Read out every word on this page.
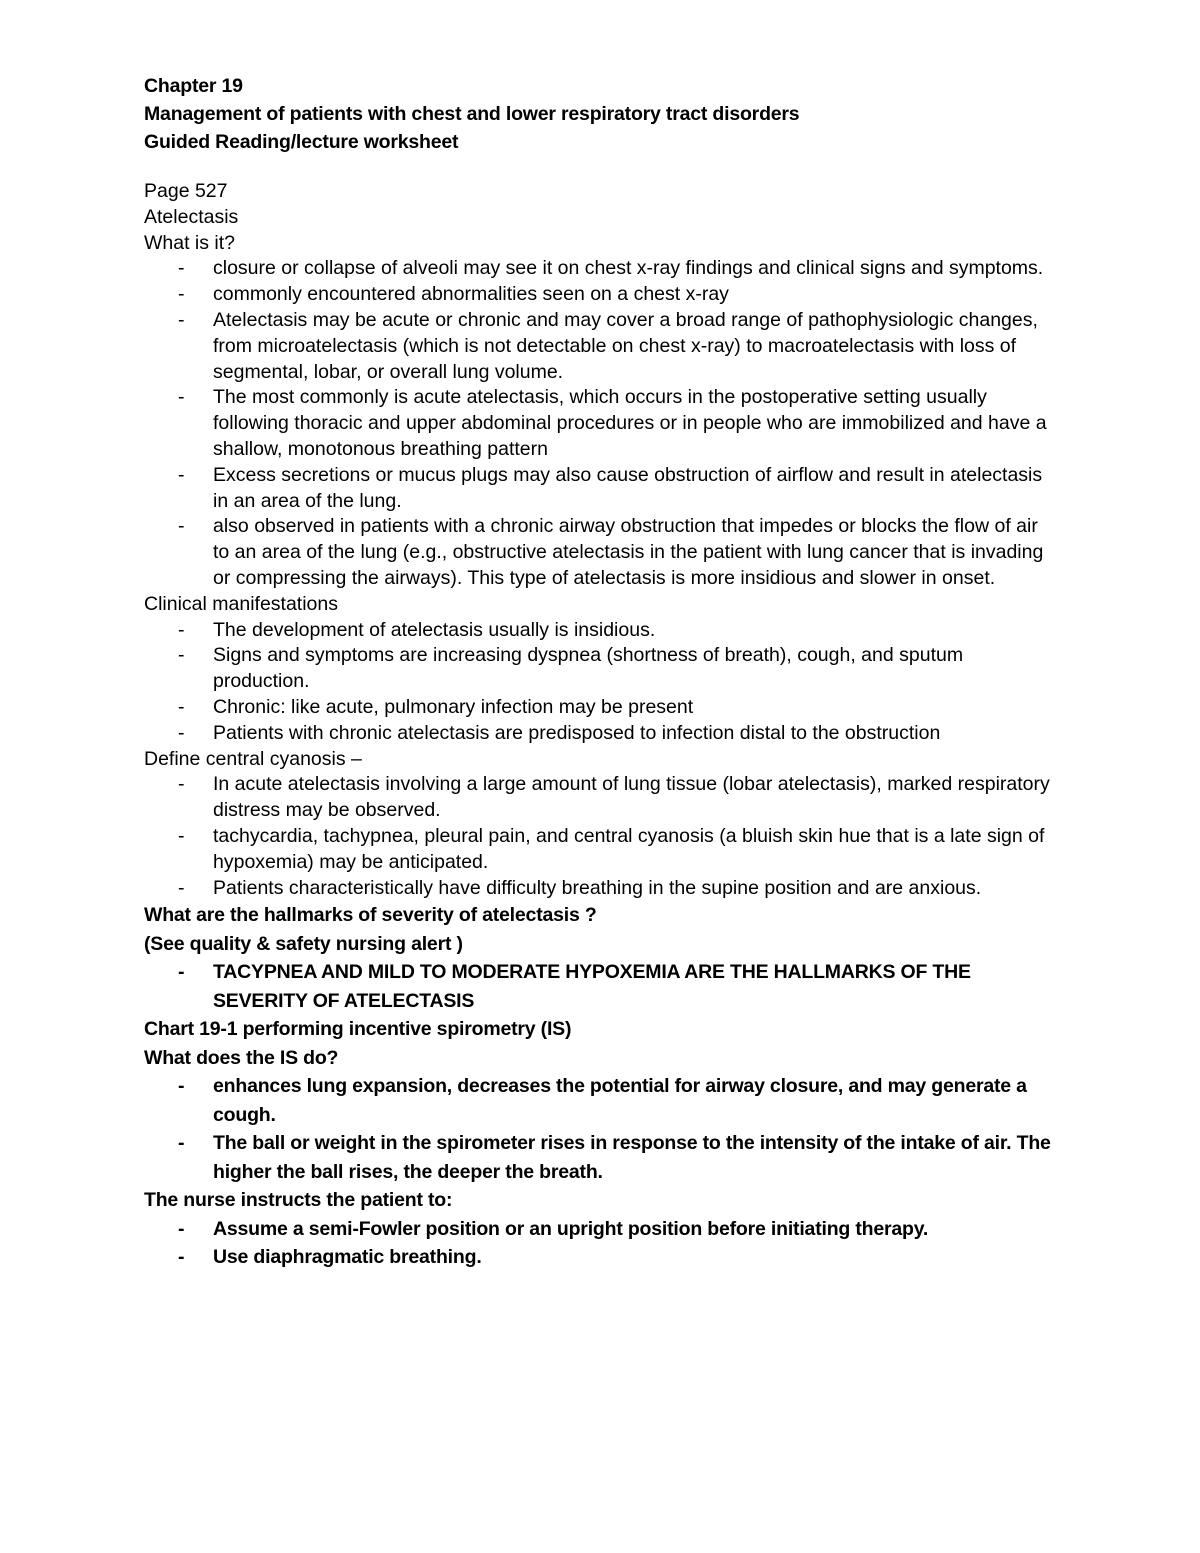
Chapter 19

Management of patients with chest and lower respiratory tract disorders

Guided Reading/lecture worksheet

Page 527

Atelectasis

What is it?

- closure or collapse of alveoli may see it on chest x-ray findings and clinical signs and symptoms.
- commonly encountered abnormalities seen on a chest x-ray
- Atelectasis may be acute or chronic and may cover a broad range of pathophysiologic changes, from microatelectasis (which is not detectable on chest x-ray) to macroatelectasis with loss of segmental, lobar, or overall lung volume.
- The most commonly is acute atelectasis, which occurs in the postoperative setting usually following thoracic and upper abdominal procedures or in people who are immobilized and have a shallow, monotonous breathing pattern
- Excess secretions or mucus plugs may also cause obstruction of airflow and result in atelectasis in an area of the lung.
- also observed in patients with a chronic airway obstruction that impedes or blocks the flow of air to an area of the lung (e.g., obstructive atelectasis in the patient with lung cancer that is invading or compressing the airways). This type of atelectasis is more insidious and slower in onset.

Clinical manifestations

- The development of atelectasis usually is insidious.
- Signs and symptoms are increasing dyspnea (shortness of breath), cough, and sputum production.
- Chronic: like acute, pulmonary infection may be present
- Patients with chronic atelectasis are predisposed to infection distal to the obstruction

Define central cyanosis –

- In acute atelectasis involving a large amount of lung tissue (lobar atelectasis), marked respiratory distress may be observed.
- tachycardia, tachypnea, pleural pain, and central cyanosis (a bluish skin hue that is a late sign of hypoxemia) may be anticipated.
- Patients characteristically have difficulty breathing in the supine position and are anxious.

What are the hallmarks of severity of atelectasis ?

(See quality & safety nursing alert )

- TACYPNEA AND MILD TO MODERATE HYPOXEMIA ARE THE HALLMARKS OF THE SEVERITY OF ATELECTASIS

Chart 19-1 performing incentive spirometry (IS)

What does the IS do?

- enhances lung expansion, decreases the potential for airway closure, and may generate a cough.
- The ball or weight in the spirometer rises in response to the intensity of the intake of air. The higher the ball rises, the deeper the breath.

The nurse instructs the patient to:

- Assume a semi-Fowler position or an upright position before initiating therapy.
- Use diaphragmatic breathing.
